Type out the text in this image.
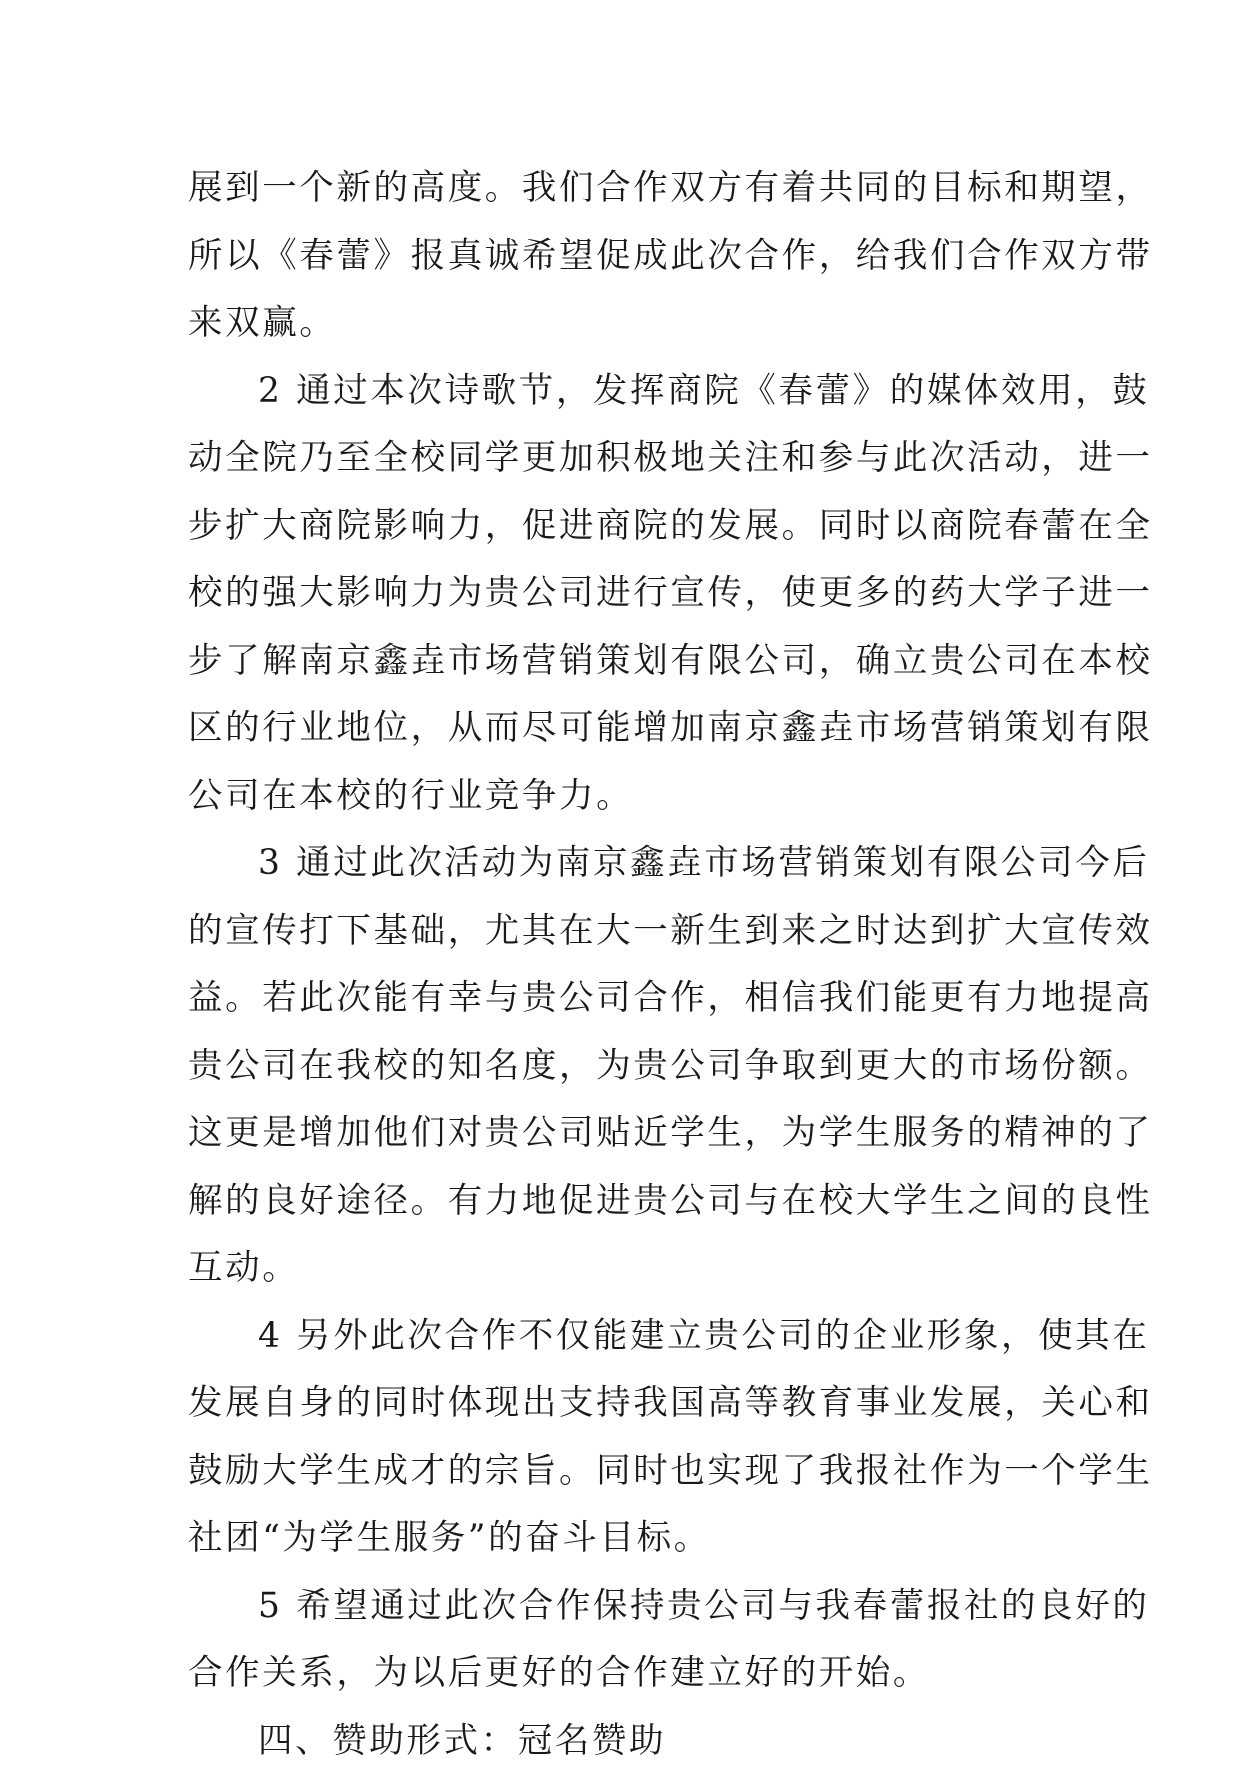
展到一个新的高度。我们合作双方有着共同的目标和期望，
所以《春蕾》报真诚希望促成此次合作，给我们合作双方带
来双赢。
2 通过本次诗歌节，发挥商院《春蕾》的媒体效用，鼓
动全院乃至全校同学更加积极地关注和参与此次活动，进一
步扩大商院影响力，促进商院的发展。同时以商院春蕾在全
校的强大影响力为贵公司进行宣传，使更多的药大学子进一
步了解南京鑫垚市场营销策划有限公司，确立贵公司在本校
区的行业地位，从而尽可能增加南京鑫垚市场营销策划有限
公司在本校的行业竞争力。
3 通过此次活动为南京鑫垚市场营销策划有限公司今后
的宣传打下基础，尤其在大一新生到来之时达到扩大宣传效
益。若此次能有幸与贵公司合作，相信我们能更有力地提高
贵公司在我校的知名度，为贵公司争取到更大的市场份额。
这更是增加他们对贵公司贴近学生，为学生服务的精神的了
解的良好途径。有力地促进贵公司与在校大学生之间的良性
互动。
4 另外此次合作不仅能建立贵公司的企业形象，使其在
发展自身的同时体现出支持我国高等教育事业发展，关心和
鼓励大学生成才的宗旨。同时也实现了我报社作为一个学生
社团“为学生服务”的奋斗目标。
5 希望通过此次合作保持贵公司与我春蕾报社的良好的
合作关系，为以后更好的合作建立好的开始。
四、赞助形式：冠名赞助
